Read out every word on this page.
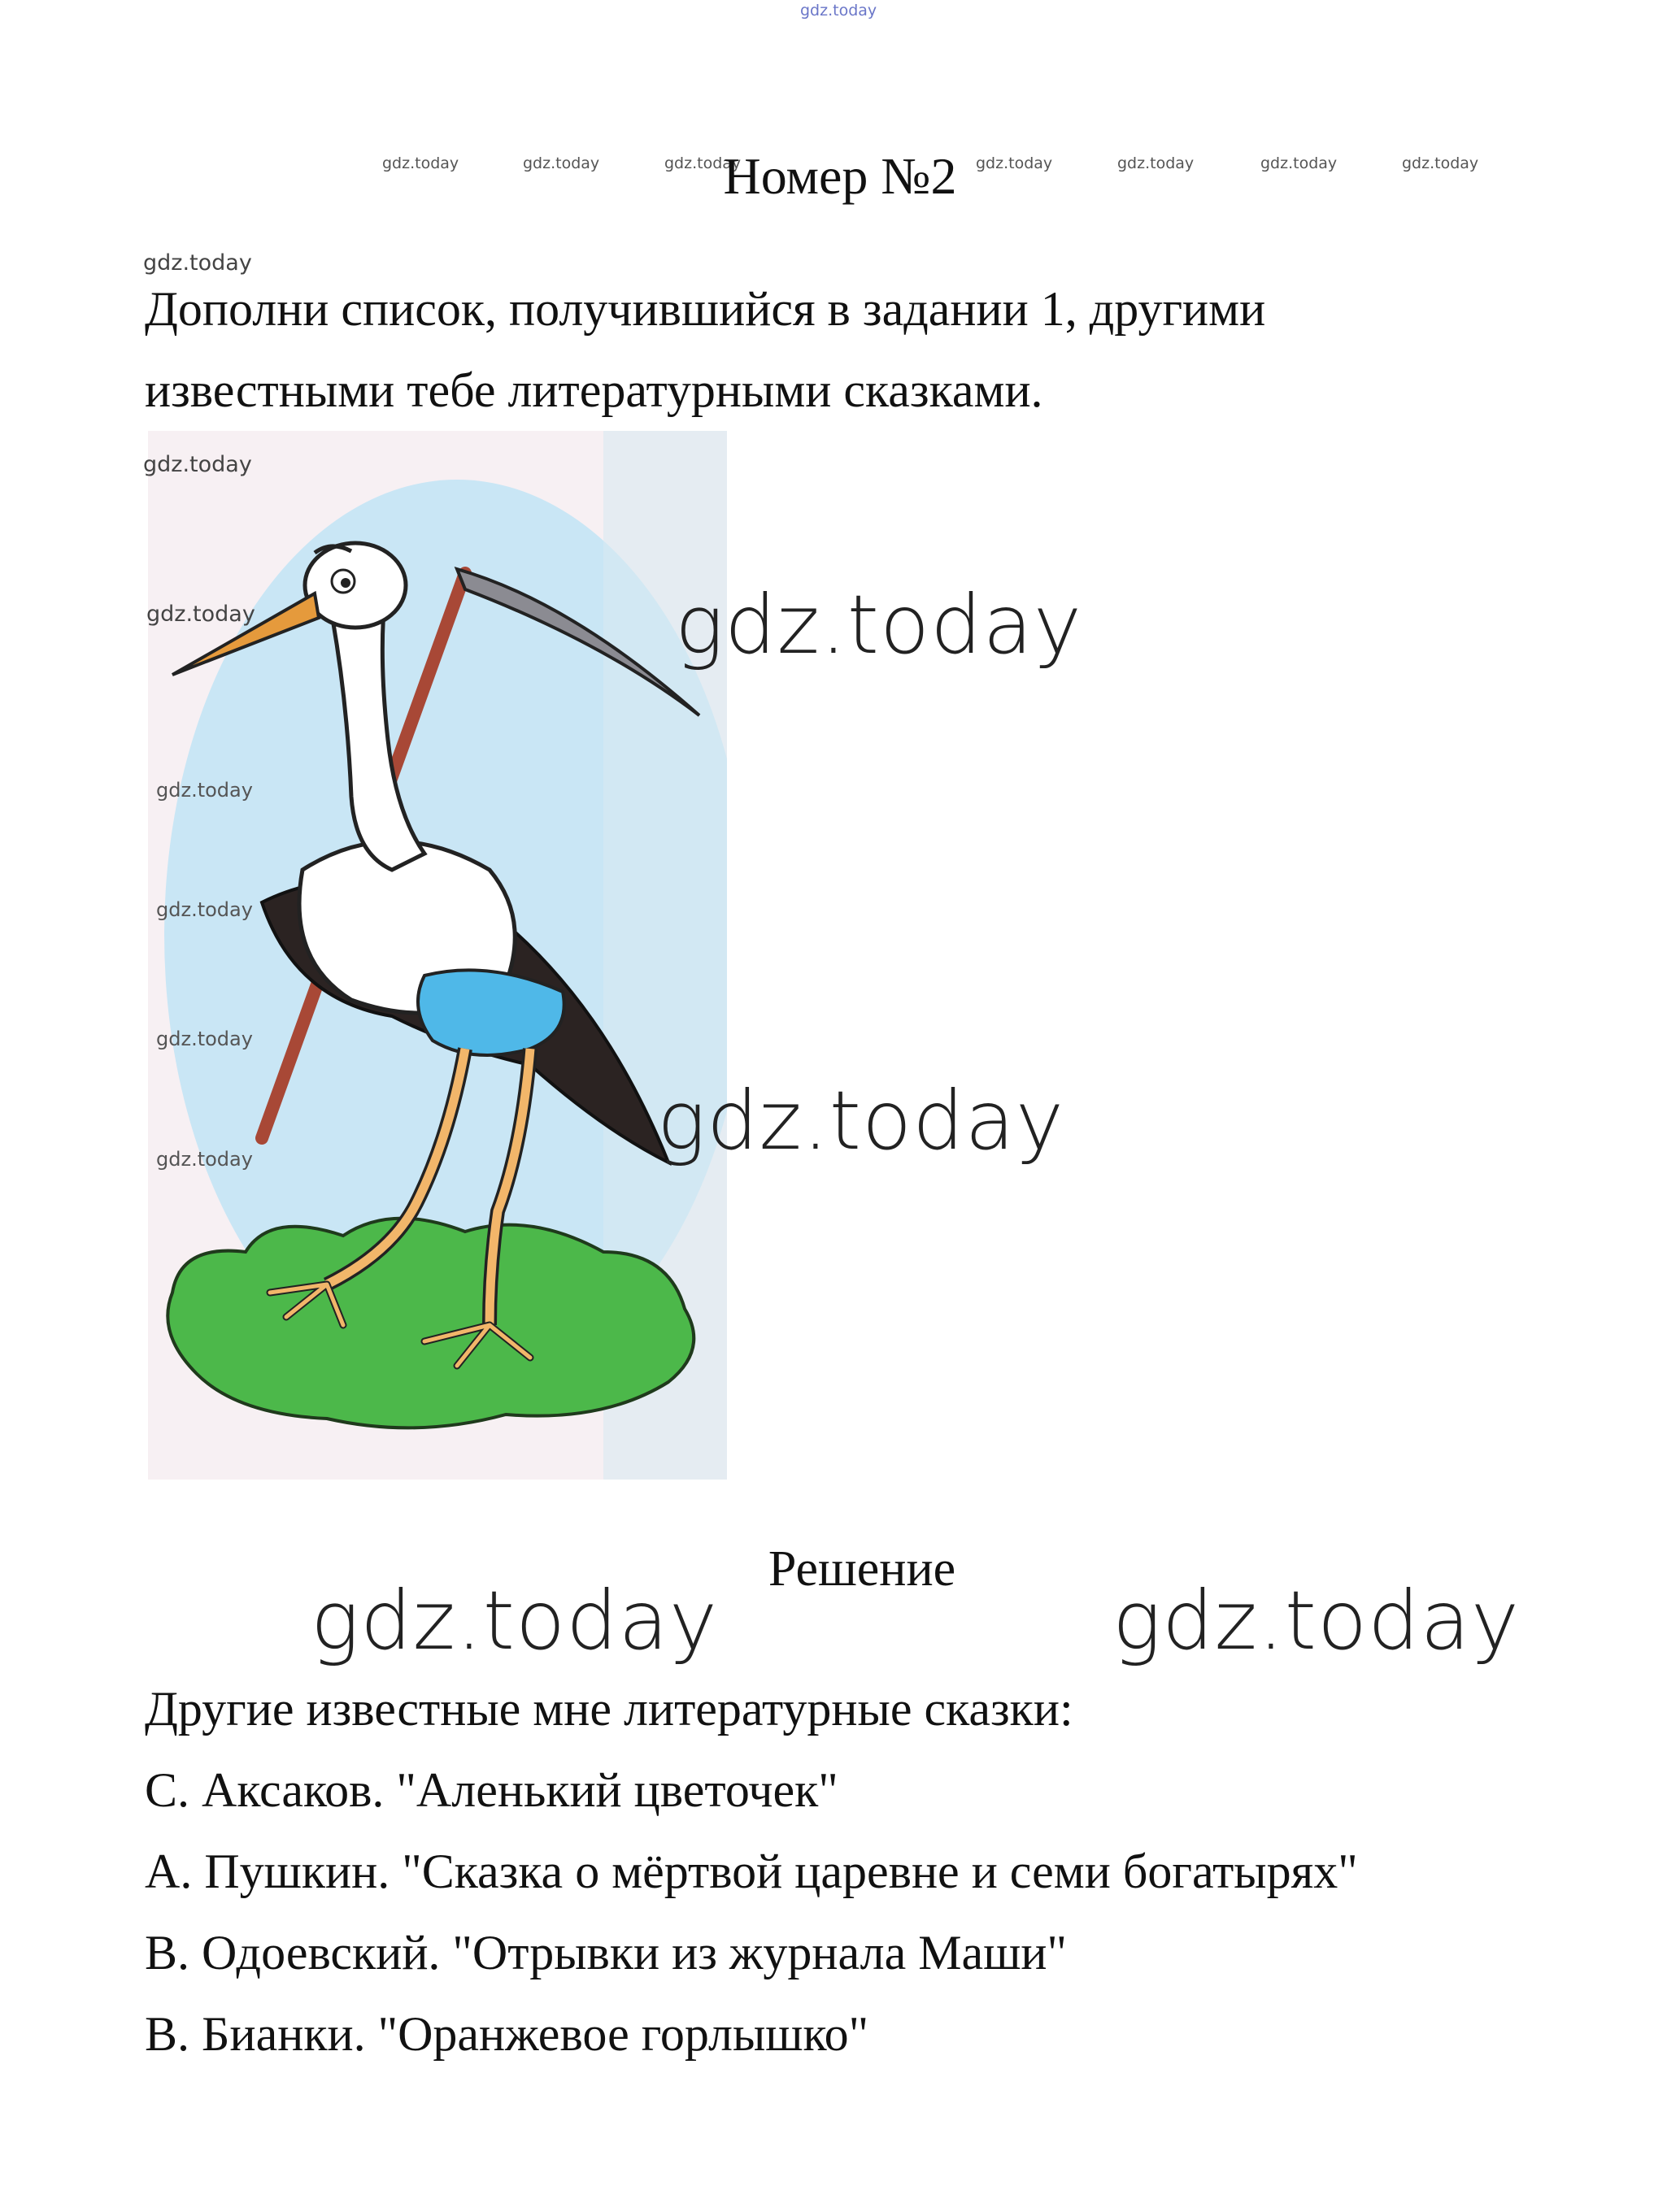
gdz.today
gdz.today	gdz.today	gdz.today	gdz.today	gdz.today	gdz.today	gdz.today
Номер №2
gdz.today
Дополни список, получившийся в задании 1, другими
известными тебе литературными сказками.
gdz.today
gdz.today
gdz.today
gdz.today
gdz.today
gdz.today
gdz.today
gdz.today
Решение
gdz.today	gdz.today
Другие известные мне литературные сказки:
С. Аксаков. "Аленький цветочек"
А. Пушкин. "Сказка о мёртвой царевне и семи богатырях"
В. Одоевский. "Отрывки из журнала Маши"
В. Бианки. "Оранжевое горлышко"
